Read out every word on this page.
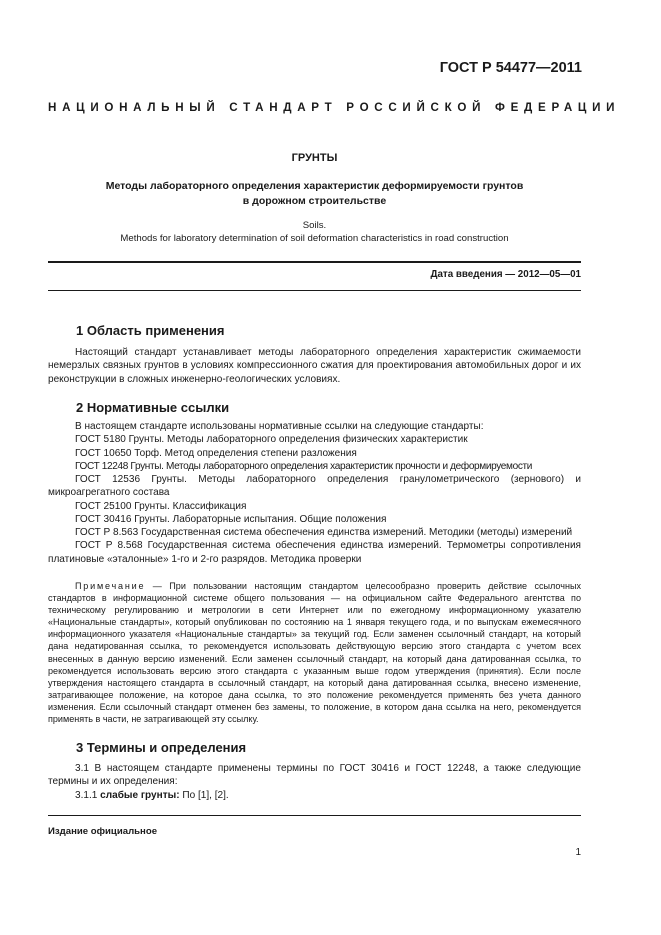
ГОСТ Р 54477—2011
НАЦИОНАЛЬНЫЙ СТАНДАРТ РОССИЙСКОЙ ФЕДЕРАЦИИ
ГРУНТЫ
Методы лабораторного определения характеристик деформируемости грунтов
в дорожном строительстве
Soils.
Methods for laboratory determination of soil deformation characteristics in road construction
Дата введения — 2012—05—01
1 Область применения

Настоящий стандарт устанавливает методы лабораторного определения характеристик сжимаемости немерзлых связных грунтов в условиях компрессионного сжатия для проектирования автомобильных дорог и их реконструкции в сложных инженерно-геологических условиях.

2 Нормативные ссылки

В настоящем стандарте использованы нормативные ссылки на следующие стандарты:

ГОСТ 5180 Грунты. Методы лабораторного определения физических характеристик

ГОСТ 10650 Торф. Метод определения степени разложения

ГОСТ 12248 Грунты. Методы лабораторного определения характеристик прочности и деформируемости

ГОСТ 12536 Грунты. Методы лабораторного определения гранулометрического (зернового) и микроагрегатного состава

ГОСТ 25100 Грунты. Классификация

ГОСТ 30416 Грунты. Лабораторные испытания. Общие положения

ГОСТ Р 8.563 Государственная система обеспечения единства измерений. Методики (методы) измерений

ГОСТ Р 8.568 Государственная система обеспечения единства измерений. Термометры сопротивления платиновые «эталонные» 1-го и 2-го разрядов. Методика проверки

Примечание — При пользовании настоящим стандартом целесообразно проверить действие ссылочных стандартов в информационной системе общего пользования — на официальном сайте Федерального агентства по техническому регулированию и метрологии в сети Интернет или по ежегодному информационному указателю «Национальные стандарты», который опубликован по состоянию на 1 января текущего года, и по выпускам ежемесячного информационного указателя «Национальные стандарты» за текущий год. Если заменен ссылочный стандарт, на который дана недатированная ссылка, то рекомендуется использовать действующую версию этого стандарта с учетом всех внесенных в данную версию изменений. Если заменен ссылочный стандарт, на который дана датированная ссылка, то рекомендуется использовать версию этого стандарта с указанным выше годом утверждения (принятия). Если после утверждения настоящего стандарта в ссылочный стандарт, на который дана датированная ссылка, внесено изменение, затрагивающее положение, на которое дана ссылка, то это положение рекомендуется применять без учета данного изменения. Если ссылочный стандарт отменен без замены, то положение, в котором дана ссылка на него, рекомендуется применять в части, не затрагивающей эту ссылку.

3 Термины и определения

3.1 В настоящем стандарте применены термины по ГОСТ 30416 и ГОСТ 12248, а также следующие термины и их определения:

3.1.1 слабые грунты: По [1], [2].

Издание официальное
1
